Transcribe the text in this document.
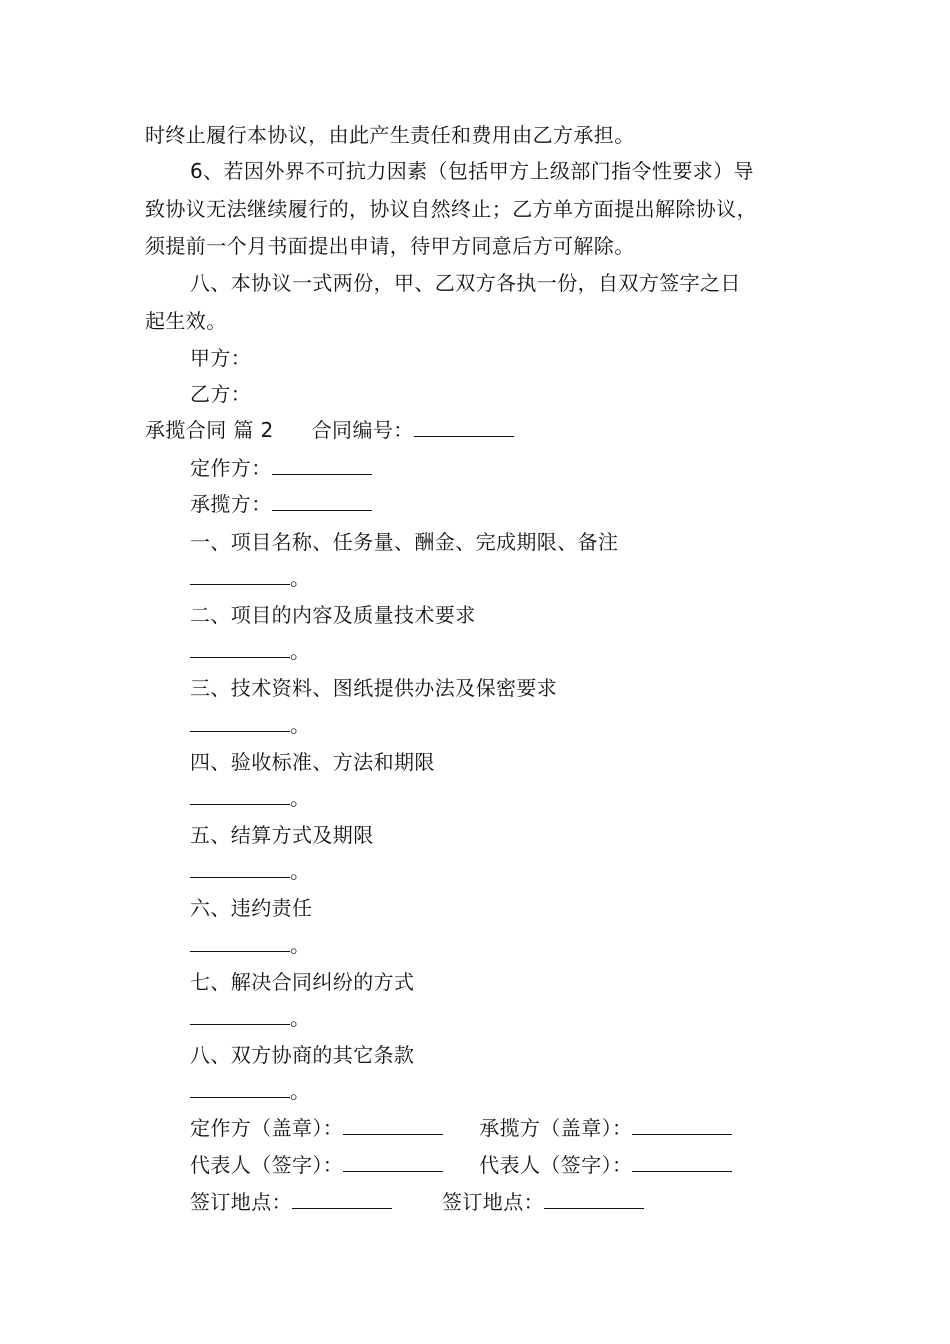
时终止履行本协议，由此产生责任和费用由乙方承担。
6、若因外界不可抗力因素（包括甲方上级部门指令性要求）导
致协议无法继续履行的，协议自然终止；乙方单方面提出解除协议，
须提前一个月书面提出申请，待甲方同意后方可解除。
八、本协议一式两份，甲、乙双方各执一份，自双方签字之日
起生效。
甲方：
乙方：
承揽合同 篇 2 合同编号：
定作方：
承揽方：
一、项目名称、任务量、酬金、完成期限、备注
。
二、项目的内容及质量技术要求
。
三、技术资料、图纸提供办法及保密要求
。
四、验收标准、方法和期限
。
五、结算方式及期限
。
六、违约责任
。
七、解决合同纠纷的方式
。
八、双方协商的其它条款
。
定作方（盖章）：	承揽方（盖章）：
代表人（签字）：	代表人（签字）：
签订地点：	签订地点：
